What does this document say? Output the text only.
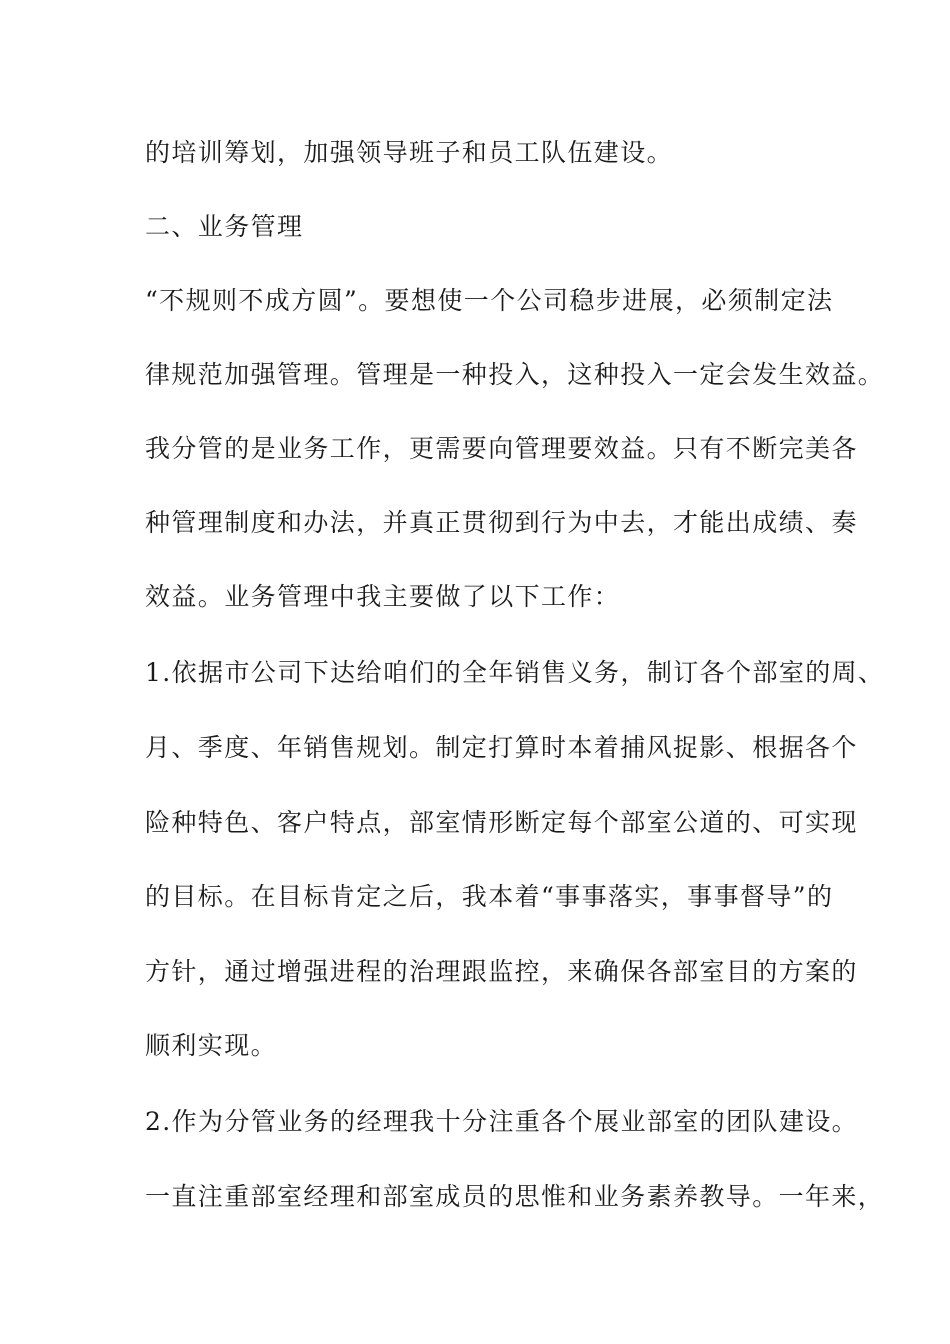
的培训筹划，加强领导班子和员工队伍建设。
二、业务管理
“不规则不成方圆”。要想使一个公司稳步进展，必须制定法
律规范加强管理。管理是一种投入，这种投入一定会发生效益。
我分管的是业务工作，更需要向管理要效益。只有不断完美各
种管理制度和办法，并真正贯彻到行为中去，才能出成绩、奏
效益。业务管理中我主要做了以下工作：
1.依据市公司下达给咱们的全年销售义务，制订各个部室的周、
月、季度、年销售规划。制定打算时本着捕风捉影、根据各个
险种特色、客户特点，部室情形断定每个部室公道的、可实现
的目标。在目标肯定之后，我本着“事事落实，事事督导”的
方针，通过增强进程的治理跟监控，来确保各部室目的方案的
顺利实现。
2.作为分管业务的经理我十分注重各个展业部室的团队建设。
一直注重部室经理和部室成员的思惟和业务素养教导。一年来，
